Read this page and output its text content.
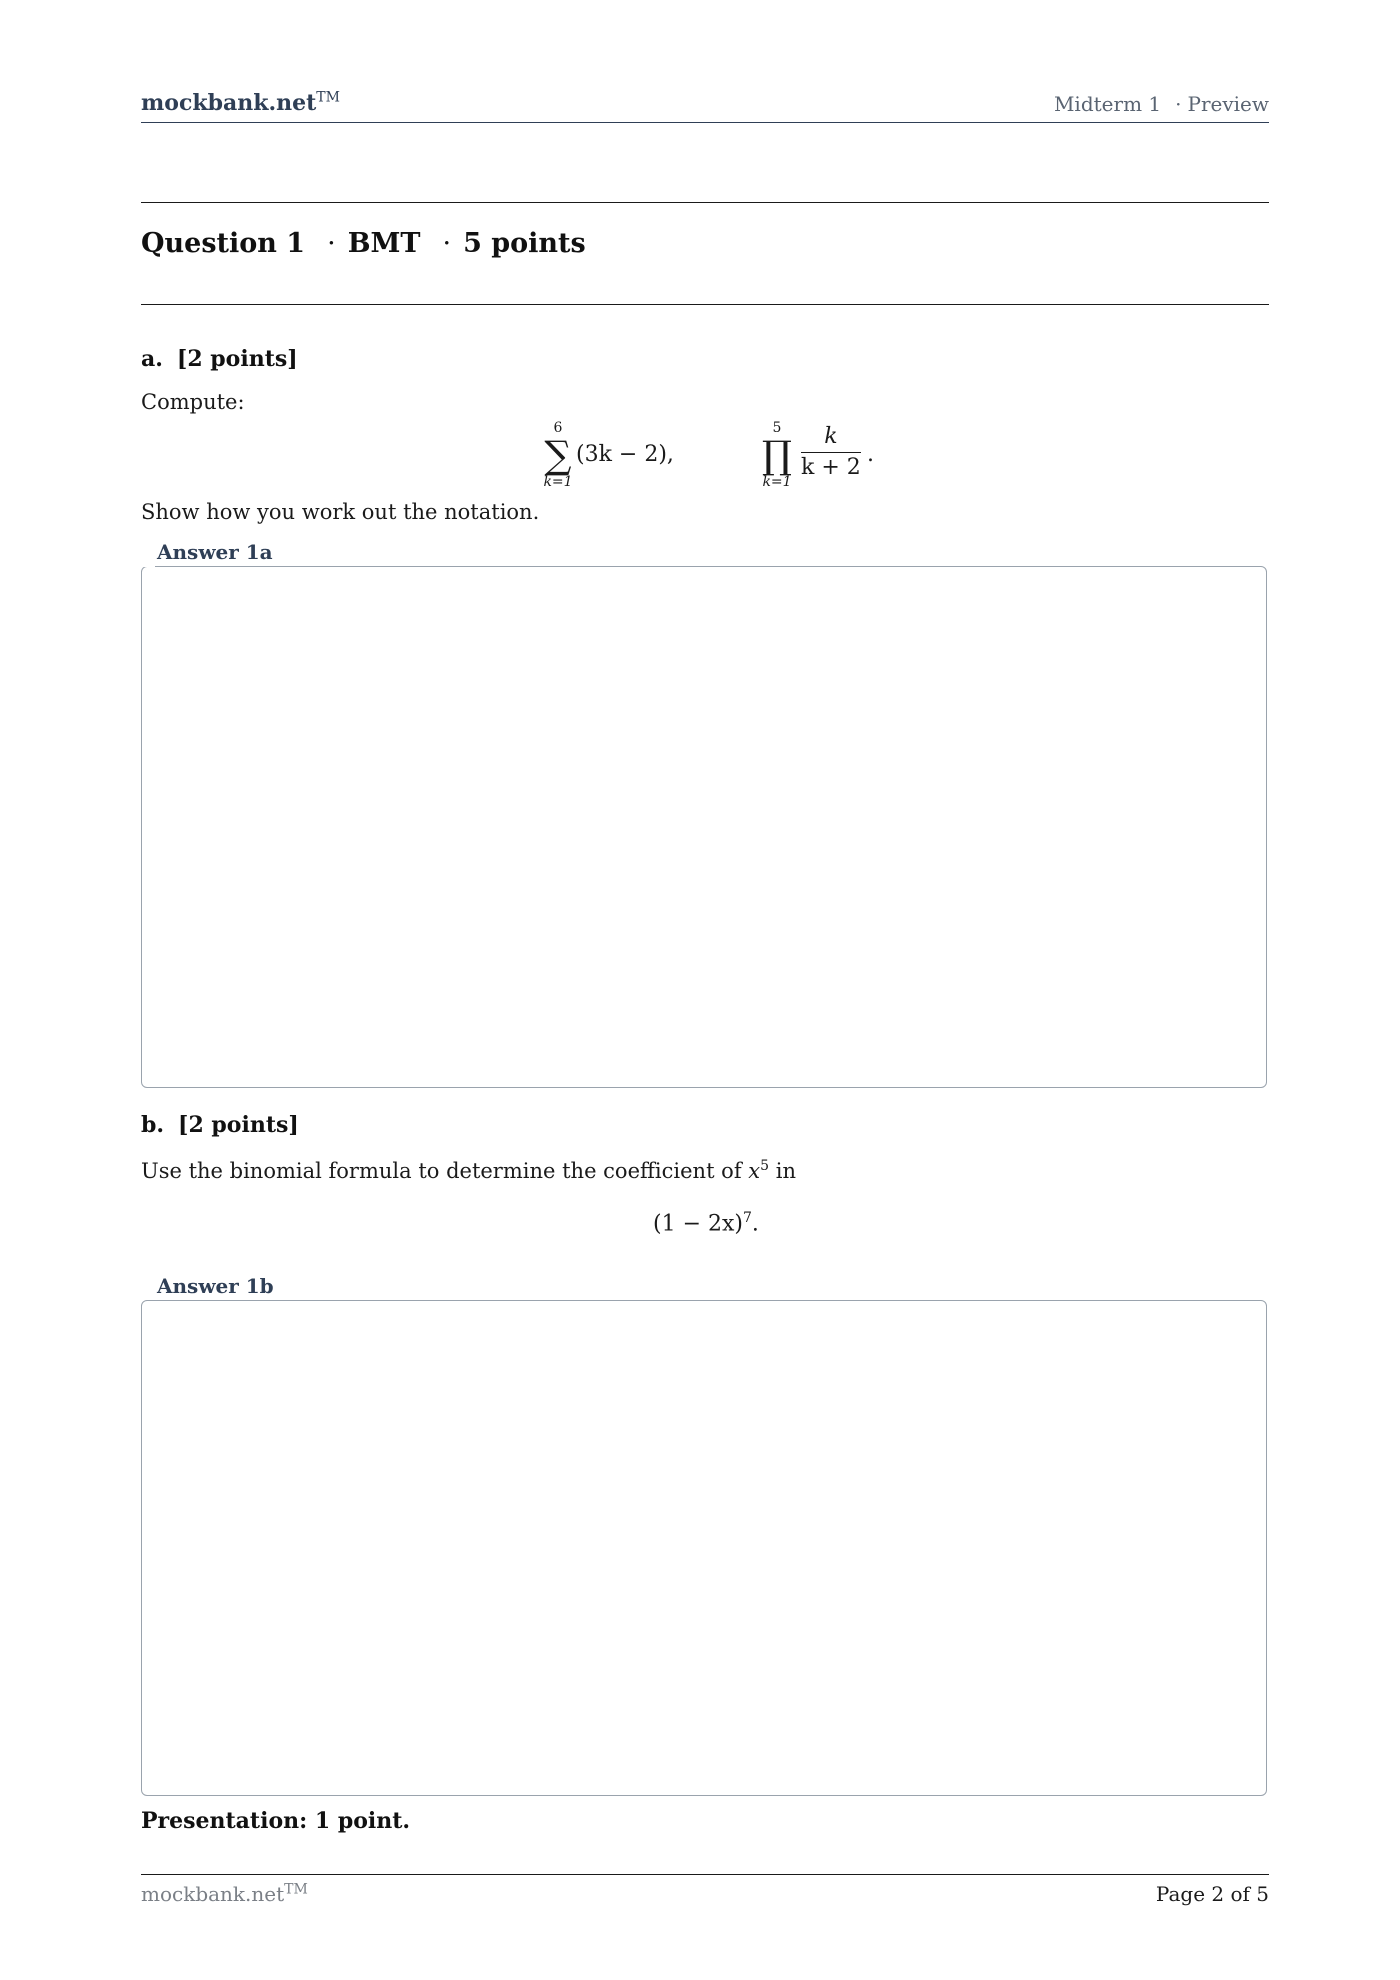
mockbank.net™	Midterm 1 · Preview
Question 1 · BMT · 5 points
a. [2 points]
Compute:
6
∑
k=1
(3k − 2),
5
∏
k=1
$\frac{k}{k + 2}$ .
Show how you work out the notation.
Answer 1a
b. [2 points]
Use the binomial formula to determine the coefficient of $x^5$ in
$(1 - 2x)^7$.
Answer 1b
Presentation: 1 point.
mockbank.net™	Page 2 of 5
